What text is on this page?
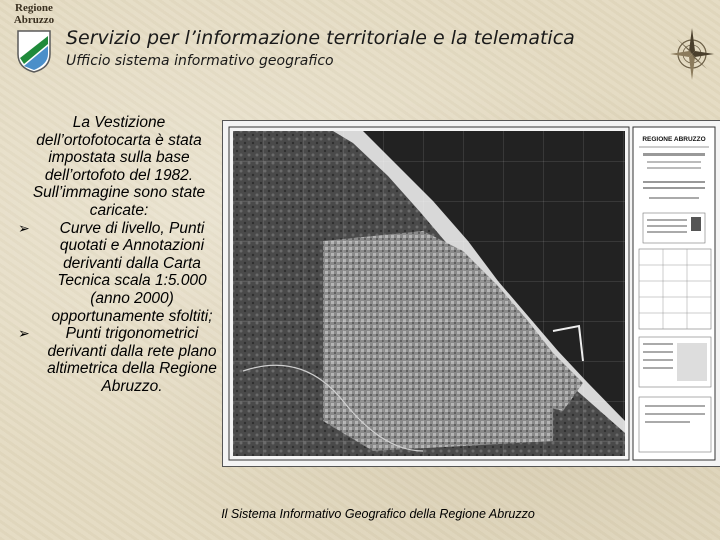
Regione
Abruzzo
Servizio per l’informazione territoriale e la telematica
Ufficio sistema informativo geografico
La Vestizione dell’ortofotocarta è stata impostata sulla base dell’ortofoto del 1982. Sull’immagine sono state caricate:
➢	Curve di livello, Punti quotati e Annotazioni derivanti dalla Carta Tecnica scala 1:5.000 (anno 2000) opportunamente sfoltiti;
➢	Punti trigonometrici derivanti dalla rete plano altimetrica della Regione Abruzzo.
REGIONE ABRUZZO
Il Sistema Informativo Geografico della Regione Abruzzo
